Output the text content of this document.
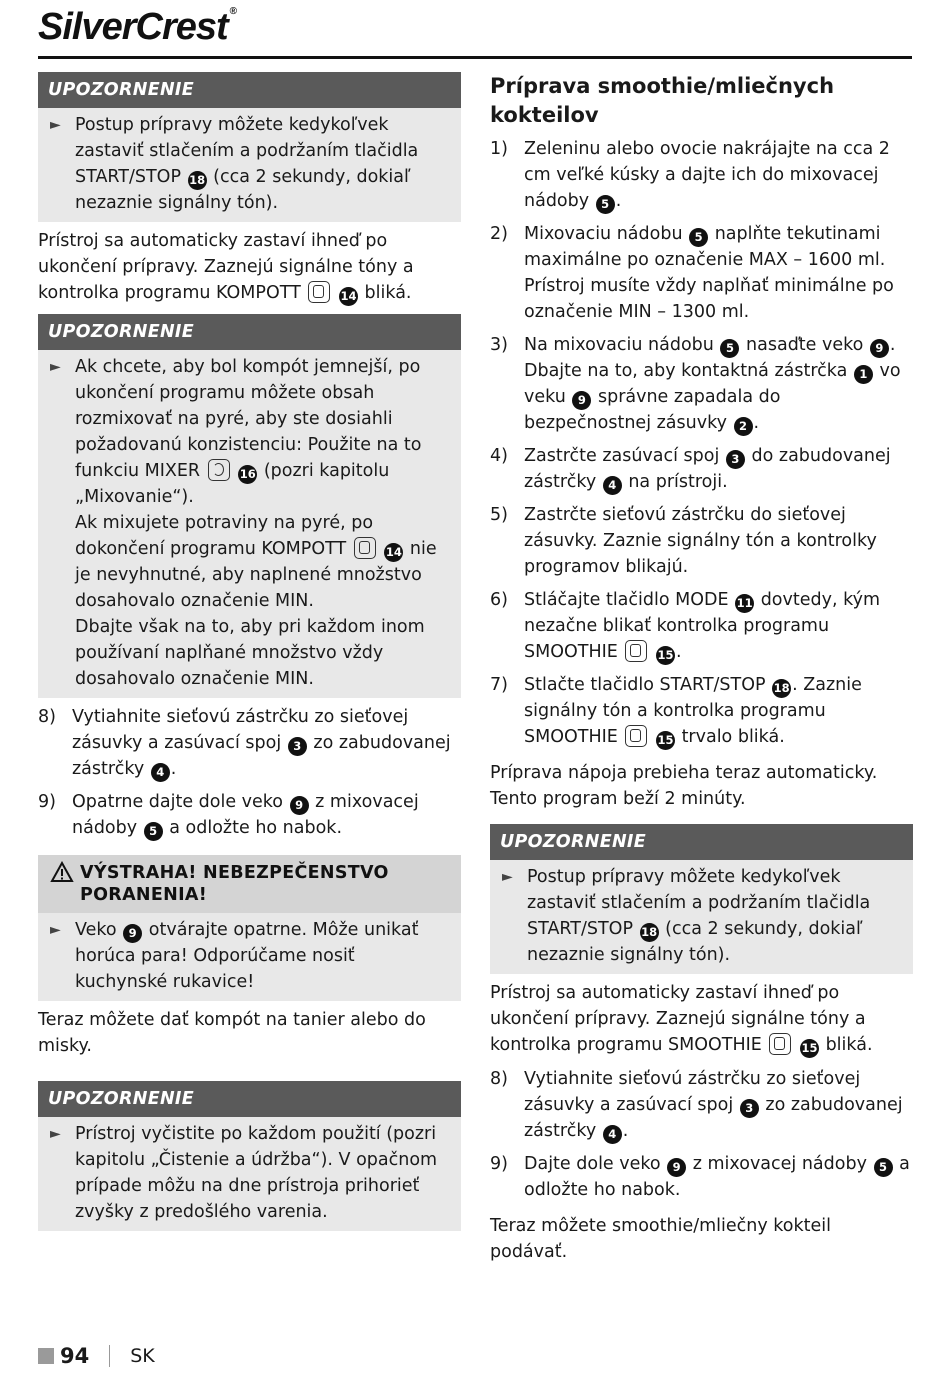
SilverCrest ®
UPOZORNENIE
► Postup prípravy môžete kedykoľvek zastaviť stlačením a podržaním tlačidla START/STOP 18 (cca 2 sekundy, dokiaľ nezaznie signálny tón).

Prístroj sa automaticky zastaví ihneď po ukončení prípravy. Zaznejú signálne tóny a kontrolka programu KOMPOTT	14 bliká.

UPOZORNENIE
► Ak chcete, aby bol kompót jemnejší, po ukončení programu môžete obsah rozmixovať na pyré, aby ste dosiahli požadovanú konzistenciu: Použite na to funkciu MIXER	16 (pozri kapitolu „Mixovanie“).

Ak mixujete potraviny na pyré, po dokončení programu KOMPOTT	14 nie je nevyhnutné, aby naplnené množstvo dosahovalo označenie MIN.

Dbajte však na to, aby pri každom inom používaní naplňané množstvo vždy dosahovalo označenie MIN.

8) Vytiahnite sieťovú zástrčku zo sieťovej zásuvky a zasúvací spoj 3 zo zabudovanej zástrčky 4 .
9) Opatrne dajte dole veko 9 z mixovacej nádoby 5 a odložte ho nabok.
VÝSTRAHA! NEBEZPEČENSTVO PORANENIA!
► Veko 9 otvárajte opatrne. Môže unikať horúca para! Odporúčame nosiť kuchynské rukavice!

Teraz môžete dať kompót na tanier alebo do misky.

UPOZORNENIE
► Prístroj vyčistite po každom použití (pozri kapitolu „Čistenie a údržba“). V opačnom prípade môžu na dne prístroja prihorieť zvyšky z predošlého varenia.

Príprava smoothie/mliečnych kokteilov
1) Zeleninu alebo ovocie nakrájajte na cca 2 cm veľké kúsky a dajte ich do mixovacej nádoby 5 .
2) Mixovaciu nádobu 5 naplňte tekutinami maximálne po označenie MAX – 1600 ml. Prístroj musíte vždy naplňať minimálne po označenie MIN – 1300 ml.
3) Na mixovaciu nádobu 5 nasaďte veko 9 . Dbajte na to, aby kontaktná zástrčka 1 vo veku 9 správne zapadala do bezpečnostnej zásuvky 2 .
4) Zastrčte zasúvací spoj 3 do zabudovanej zástrčky 4 na prístroji.
5) Zastrčte sieťovú zástrčku do sieťovej zásuvky. Zaznie signálny tón a kontrolky programov blikajú.
6) Stláčajte tlačidlo MODE 11 dovtedy, kým nezačne blikať kontrolka programu SMOOTHIE	15 .
7) Stlačte tlačidlo START/STOP 18 . Zaznie signálny tón a kontrolka programu SMOOTHIE	15 trvalo bliká.

Príprava nápoja prebieha teraz automaticky. Tento program beží 2 minúty.

UPOZORNENIE
► Postup prípravy môžete kedykoľvek zastaviť stlačením a podržaním tlačidla START/STOP 18 (cca 2 sekundy, dokiaľ nezaznie signálny tón).

Prístroj sa automaticky zastaví ihneď po ukončení prípravy. Zaznejú signálne tóny a kontrolka programu SMOOTHIE	15 bliká.

8) Vytiahnite sieťovú zástrčku zo sieťovej zásuvky a zasúvací spoj 3 zo zabudovanej zástrčky 4 .
9) Dajte dole veko 9 z mixovacej nádoby 5 a odložte ho nabok.

Teraz môžete smoothie/mliečny kokteil podávať.

94 SK
